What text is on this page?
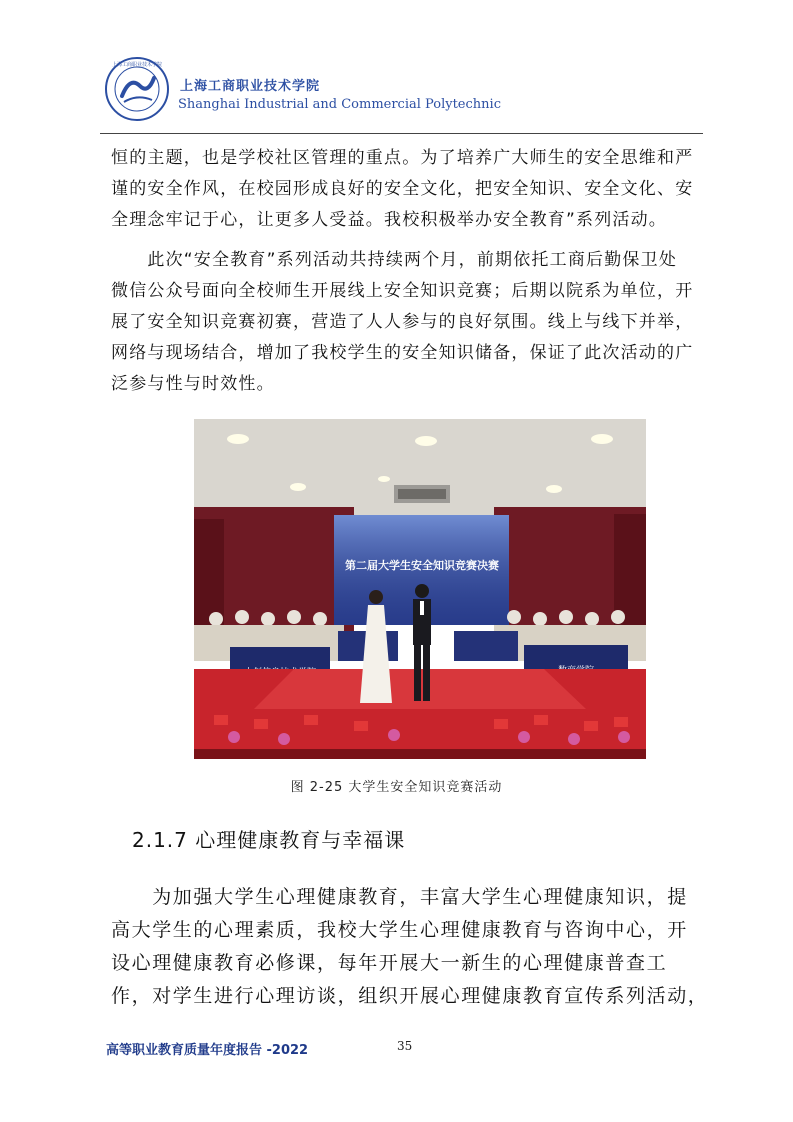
上海工商职业技术学院
上海工商职业技术学院
Shanghai Industrial and Commercial Polytechnic
恒的主题，也是学校社区管理的重点。为了培养广大师生的安全思维和严
谨的安全作风，在校园形成良好的安全文化，把安全知识、安全文化、安
全理念牢记于心，让更多人受益。我校积极举办安全教育”系列活动。
　　此次“安全教育”系列活动共持续两个月，前期依托工商后勤保卫处
微信公众号面向全校师生开展线上安全知识竞赛；后期以院系为单位，开
展了安全知识竞赛初赛，营造了人人参与的良好氛围。线上与线下并举，
网络与现场结合，增加了我校学生的安全知识储备，保证了此次活动的广
泛参与性与时效性。
第二届大学生安全知识竞赛决赛
图 2-25 大学生安全知识竞赛活动
2.1.7 心理健康教育与幸福课
　　为加强大学生心理健康教育，丰富大学生心理健康知识，提
高大学生的心理素质，我校大学生心理健康教育与咨询中心，开
设心理健康教育必修课，每年开展大一新生的心理健康普查工
作，对学生进行心理访谈，组织开展心理健康教育宣传系列活动，
高等职业教育质量年度报告 -2022	35
